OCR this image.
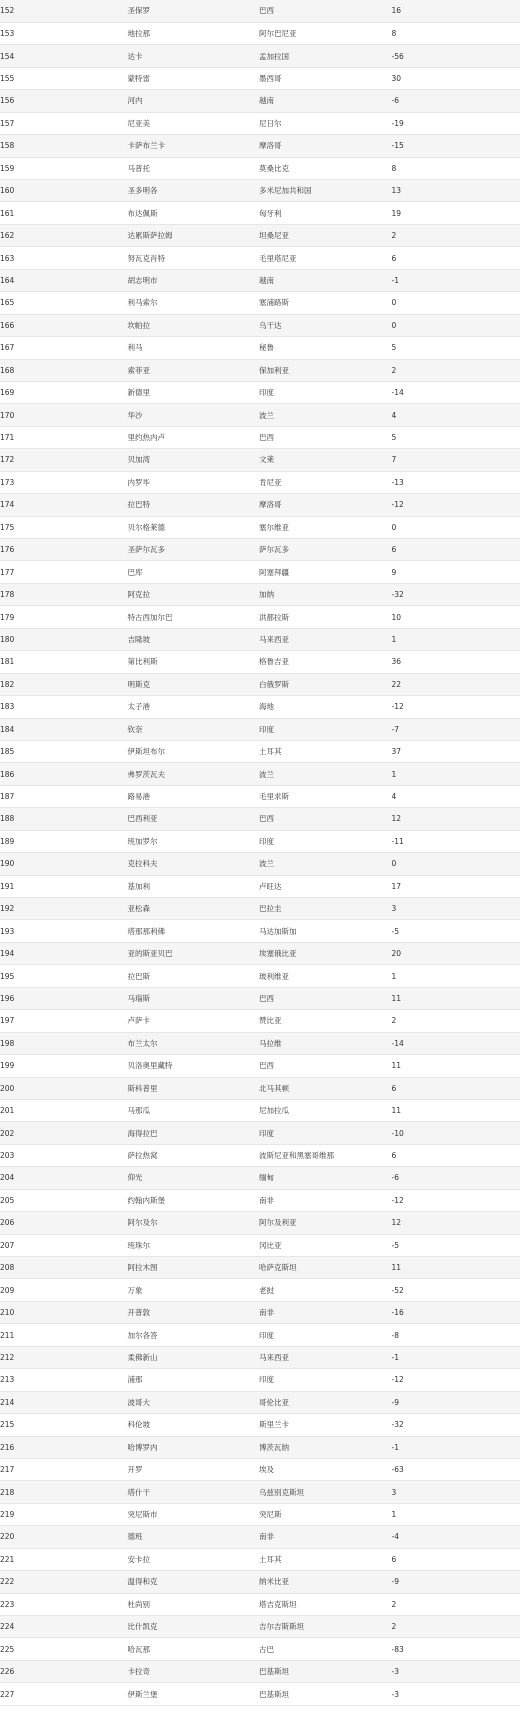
152	圣保罗	巴西	16
153	地拉那	阿尔巴尼亚	8
154	达卡	孟加拉国	-56
155	蒙特雷	墨西哥	30
156	河内	越南	-6
157	尼亚美	尼日尔	-19
158	卡萨布兰卡	摩洛哥	-15
159	马普托	莫桑比克	8
160	圣多明各	多米尼加共和国	13
161	布达佩斯	匈牙利	19
162	达累斯萨拉姆	坦桑尼亚	2
163	努瓦克肖特	毛里塔尼亚	6
164	胡志明市	越南	-1
165	利马索尔	塞浦路斯	0
166	坎帕拉	乌干达	0
167	利马	秘鲁	5
168	索菲亚	保加利亚	2
169	新德里	印度	-14
170	华沙	波兰	4
171	里约热内卢	巴西	5
172	贝加湾	文莱	7
173	内罗毕	肯尼亚	-13
174	拉巴特	摩洛哥	-12
175	贝尔格莱德	塞尔维亚	0
176	圣萨尔瓦多	萨尔瓦多	6
177	巴库	阿塞拜疆	9
178	阿克拉	加纳	-32
179	特古西加尔巴	洪都拉斯	10
180	吉隆坡	马来西亚	1
181	第比利斯	格鲁吉亚	36
182	明斯克	白俄罗斯	22
183	太子港	海地	-12
184	钦奈	印度	-7
185	伊斯坦布尔	土耳其	37
186	弗罗茨瓦夫	波兰	1
187	路易港	毛里求斯	4
188	巴西利亚	巴西	12
189	班加罗尔	印度	-11
190	克拉科夫	波兰	0
191	基加利	卢旺达	17
192	亚松森	巴拉圭	3
193	塔那那利佛	马达加斯加	-5
194	亚的斯亚贝巴	埃塞俄比亚	20
195	拉巴斯	玻利维亚	1
196	马瑙斯	巴西	11
197	卢萨卡	赞比亚	2
198	布兰太尔	马拉维	-14
199	贝洛奥里藏特	巴西	11
200	斯科普里	北马其顿	6
201	马那瓜	尼加拉瓜	11
202	海得拉巴	印度	-10
203	萨拉热窝	波斯尼亚和黑塞哥维那	6
204	仰光	缅甸	-6
205	约翰内斯堡	南非	-12
206	阿尔及尔	阿尔及利亚	12
207	班珠尔	冈比亚	-5
208	阿拉木图	哈萨克斯坦	11
209	万象	老挝	-52
210	开普敦	南非	-16
211	加尔各答	印度	-8
212	柔佛新山	马来西亚	-1
213	浦那	印度	-12
214	波哥大	哥伦比亚	-9
215	科伦坡	斯里兰卡	-32
216	哈博罗内	博茨瓦纳	-1
217	开罗	埃及	-63
218	塔什干	乌兹别克斯坦	3
219	突尼斯市	突尼斯	1
220	德班	南非	-4
221	安卡拉	土耳其	6
222	温得和克	纳米比亚	-9
223	杜尚别	塔吉克斯坦	2
224	比什凯克	吉尔吉斯斯坦	2
225	哈瓦那	古巴	-83
226	卡拉奇	巴基斯坦	-3
227	伊斯兰堡	巴基斯坦	-3
